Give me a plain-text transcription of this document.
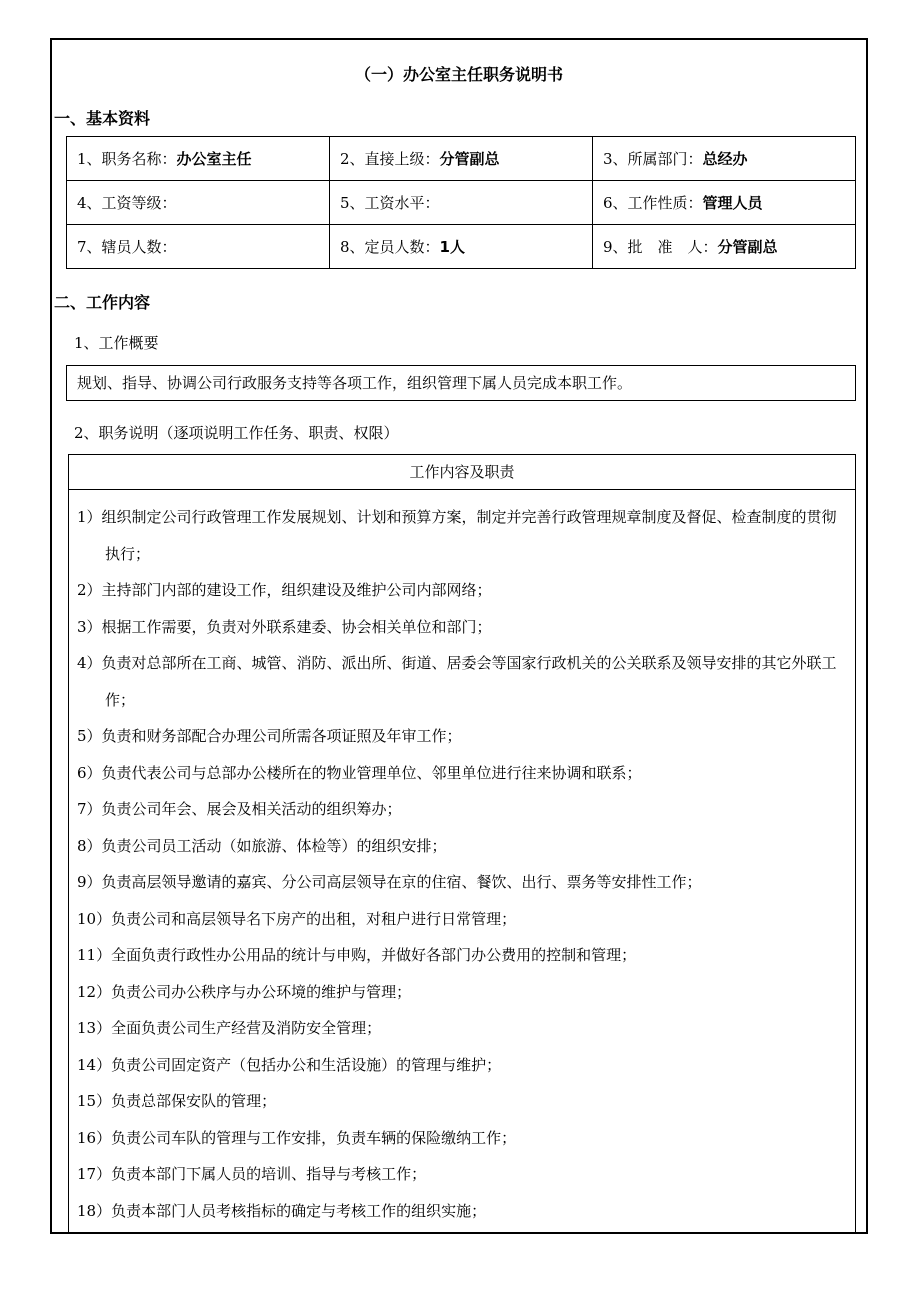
（一）办公室主任职务说明书
一、基本资料
1、职务名称：办公室主任	2、直接上级：分管副总	3、所属部门：总经办
4、工资等级：	5、工资水平：	6、工作性质：管理人员
7、辖员人数：	8、定员人数：1人	9、批　准　人：分管副总
二、工作内容
1、工作概要
规划、指导、协调公司行政服务支持等各项工作，组织管理下属人员完成本职工作。
2、职务说明（逐项说明工作任务、职责、权限）
工作内容及职责
1）组织制定公司行政管理工作发展规划、计划和预算方案，制定并完善行政管理规章制度及督促、检查制度的贯彻执行；
2）主持部门内部的建设工作，组织建设及维护公司内部网络；
3）根据工作需要，负责对外联系建委、协会相关单位和部门；
4）负责对总部所在工商、城管、消防、派出所、街道、居委会等国家行政机关的公关联系及领导安排的其它外联工作；
5）负责和财务部配合办理公司所需各项证照及年审工作；
6）负责代表公司与总部办公楼所在的物业管理单位、邻里单位进行往来协调和联系；
7）负责公司年会、展会及相关活动的组织筹办；
8）负责公司员工活动（如旅游、体检等）的组织安排；
9）负责高层领导邀请的嘉宾、分公司高层领导在京的住宿、餐饮、出行、票务等安排性工作；
10）负责公司和高层领导名下房产的出租，对租户进行日常管理；
11）全面负责行政性办公用品的统计与申购，并做好各部门办公费用的控制和管理；
12）负责公司办公秩序与办公环境的维护与管理；
13）全面负责公司生产经营及消防安全管理；
14）负责公司固定资产（包括办公和生活设施）的管理与维护；
15）负责总部保安队的管理；
16）负责公司车队的管理与工作安排，负责车辆的保险缴纳工作；
17）负责本部门下属人员的培训、指导与考核工作；
18）负责本部门人员考核指标的确定与考核工作的组织实施；
